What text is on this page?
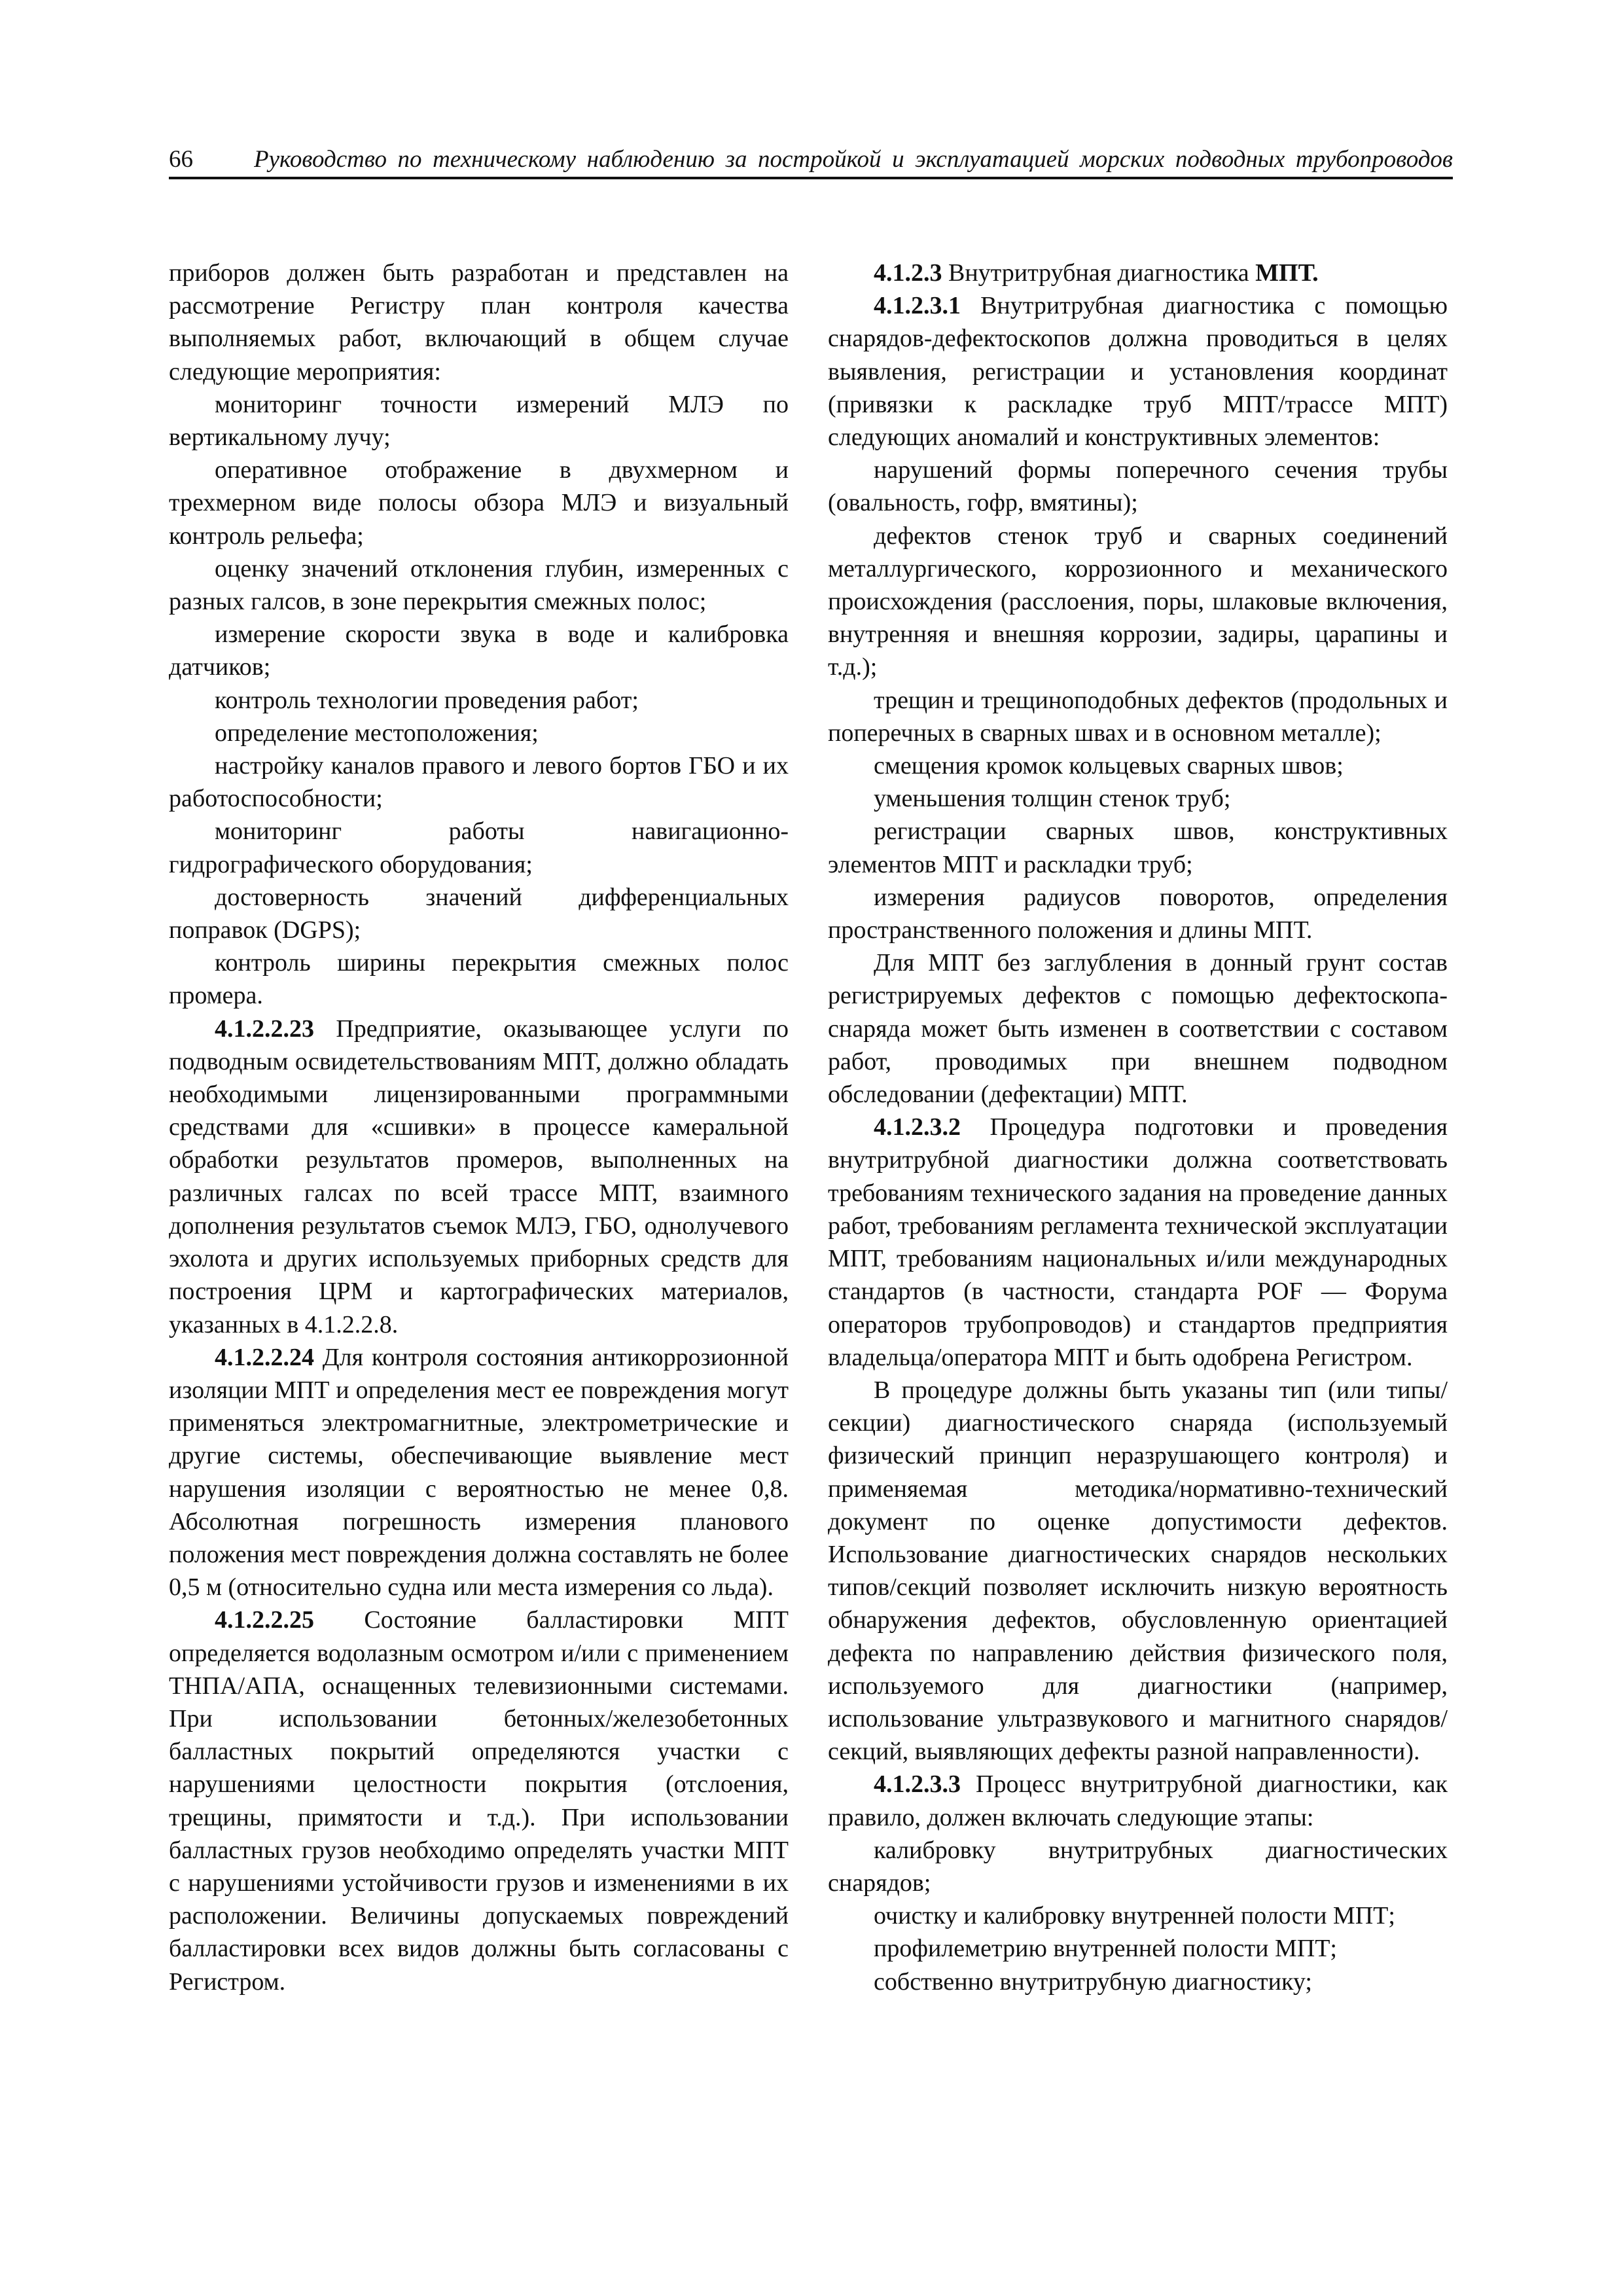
66	Руководство по техническому наблюдению за постройкой и эксплуатацией морских подводных трубопроводов

приборов должен быть разработан и представлен на рассмотрение Регистру план контроля качества выполняемых работ, включающий в общем случае следующие мероприятия:

мониторинг точности измерений МЛЭ по вертикальному лучу;

оперативное отображение в двухмерном и трехмерном виде полосы обзора МЛЭ и визуальный контроль рельефа;

оценку значений отклонения глубин, измеренных с разных галсов, в зоне перекрытия смежных полос;

измерение скорости звука в воде и калибровка датчиков;

контроль технологии проведения работ;

определение местоположения;

настройку каналов правого и левого бортов ГБО и их работоспособности;

мониторинг работы навигационно-гидрографического оборудования;

достоверность значений дифференциальных поправок (DGPS);

контроль ширины перекрытия смежных полос промера.

4.1.2.2.23 Предприятие, оказывающее услуги по подводным освидетельствованиям МПТ, должно обладать необходимыми лицензированными программными средствами для «сшивки» в процессе камеральной обработки результатов промеров, выполненных на различных галсах по всей трассе МПТ, взаимного дополнения результатов съемок МЛЭ, ГБО, однолучевого эхолота и других используемых приборных средств для построения ЦРМ и картографических материалов, указанных в 4.1.2.2.8.

4.1.2.2.24 Для контроля состояния антикоррозионной изоляции МПТ и определения мест ее повреждения могут применяться электромагнитные, электрометрические и другие системы, обеспечивающие выявление мест нарушения изоляции с вероятностью не менее 0,8. Абсолютная погрешность измерения планового положения мест повреждения должна составлять не более 0,5 м (относительно судна или места измерения со льда).

4.1.2.2.25 Состояние балластировки МПТ определяется водолазным осмотром и/или с применением ТНПА/АПА, оснащенных телевизионными системами. При использовании бетонных/железобетонных балластных покрытий определяются участки с нарушениями целостности покрытия (отслоения, трещины, примятости и т.д.). При использовании балластных грузов необходимо определять участки МПТ с нарушениями устойчивости грузов и изменениями в их расположении. Величины допускаемых повреждений балластировки всех видов должны быть согласованы с Регистром.

4.1.2.3 Внутритрубная диагностика МПТ.

4.1.2.3.1 Внутритрубная диагностика с помощью снарядов-дефектоскопов должна проводиться в целях выявления, регистрации и установления координат (привязки к раскладке труб МПТ/трассе МПТ) следующих аномалий и конструктивных элементов:

нарушений формы поперечного сечения трубы (овальность, гофр, вмятины);

дефектов стенок труб и сварных соединений металлургического, коррозионного и механического происхождения (расслоения, поры, шлаковые включения, внутренняя и внешняя коррозии, задиры, царапины и т.д.);

трещин и трещиноподобных дефектов (продольных и поперечных в сварных швах и в основном металле);

смещения кромок кольцевых сварных швов;

уменьшения толщин стенок труб;

регистрации сварных швов, конструктивных элементов МПТ и раскладки труб;

измерения радиусов поворотов, определения пространственного положения и длины МПТ.

Для МПТ без заглубления в донный грунт состав регистрируемых дефектов с помощью дефектоскопа-снаряда может быть изменен в соответствии с составом работ, проводимых при внешнем подводном обследовании (дефектации) МПТ.

4.1.2.3.2 Процедура подготовки и проведения внутритрубной диагностики должна соответствовать требованиям технического задания на проведение данных работ, требованиям регламента технической эксплуатации МПТ, требованиям национальных и/или международных стандартов (в частности, стандарта POF — Форума операторов трубопроводов) и стандартов предприятия владельца/оператора МПТ и быть одобрена Регистром.

В процедуре должны быть указаны тип (или типы/секции) диагностического снаряда (используемый физический принцип неразрушающего контроля) и применяемая методика/нормативно-технический документ по оценке допустимости дефектов. Использование диагностических снарядов нескольких типов/секций позволяет исключить низкую вероятность обнаружения дефектов, обусловленную ориентацией дефекта по направлению действия физического поля, используемого для диагностики (например, использование ультразвукового и магнитного снарядов/секций, выявляющих дефекты разной направленности).

4.1.2.3.3 Процесс внутритрубной диагностики, как правило, должен включать следующие этапы:

калибровку внутритрубных диагностических снарядов;

очистку и калибровку внутренней полости МПТ;

профилеметрию внутренней полости МПТ;

собственно внутритрубную диагностику;
